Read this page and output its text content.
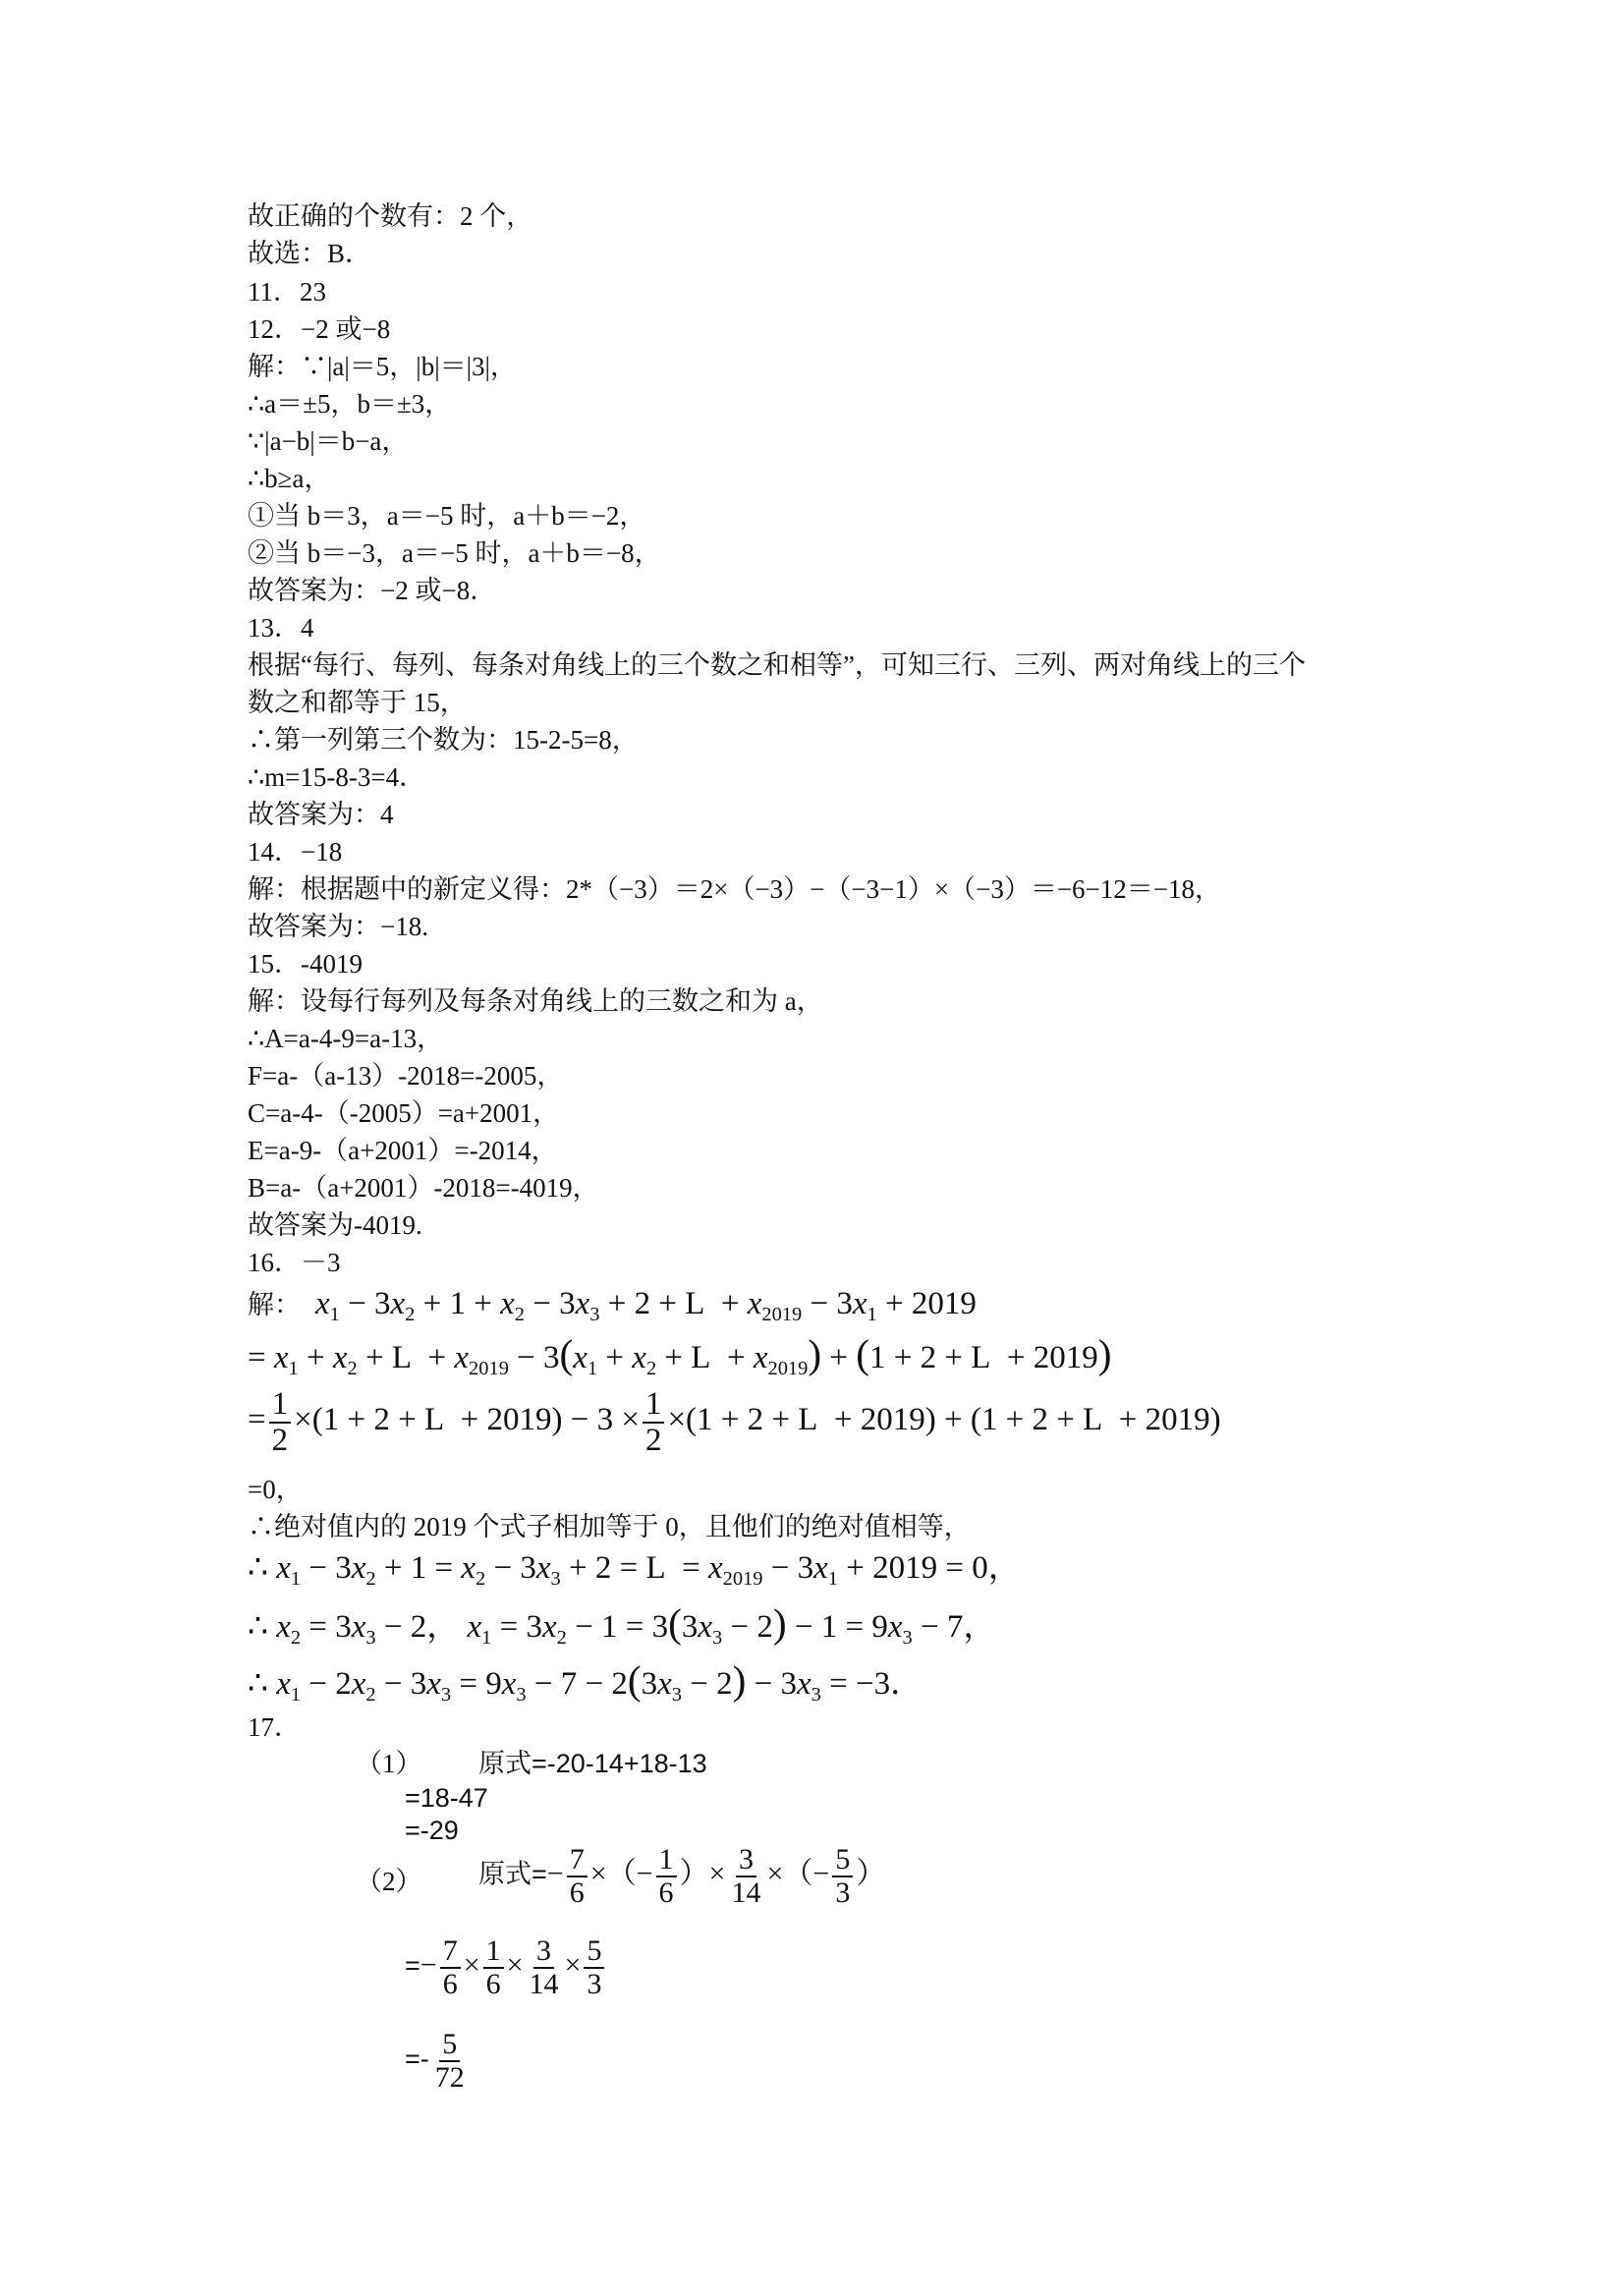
故正确的个数有：2 个，
故选：B．
11．23
12．−2 或−8
解：∵|a|＝5，|b|＝|3|，
∴a＝±5，b＝±3，
∵|a−b|＝b−a，
∴b≥a，
①当 b＝3，a＝−5 时，a＋b＝−2，
②当 b＝−3，a＝−5 时，a＋b＝−8，
故答案为：−2 或−8．
13．4
根据“每行、每列、每条对角线上的三个数之和相等”，可知三行、三列、两对角线上的三个
数之和都等于 15，
∴第一列第三个数为：15-2-5=8，
∴m=15-8-3=4．
故答案为：4
14．−18
解：根据题中的新定义得：2*（−3）＝2×（−3）−（−3−1）×（−3）＝−6−12＝−18，
故答案为：−18.
15．-4019
解：设每行每列及每条对角线上的三数之和为 a，
∴A=a-4-9=a-13，
F=a-（a-13）-2018=-2005，
C=a-4-（-2005）=a+2001，
E=a-9-（a+2001）=-2014，
B=a-（a+2001）-2018=-4019，
故答案为-4019.
16．－3
解： $x_1 - 3x_2 + 1 + x_2 - 3x_3 + 2 + L + x_{2019} - 3x_1 + 2019$
= $x_1 + x_2 + L + x_{2019} - 3(x_1 + x_2 + L + x_{2019}) + (1 + 2 + L + 2019)$
= $\frac{1}{2} \times(1 + 2 + L + 2019) - 3 \times \frac{1}{2} \times(1 + 2 + L + 2019) + (1 + 2 + L + 2019)$
=0，
∴绝对值内的 2019 个式子相加等于 0，且他们的绝对值相等，
∴ $x_1 - 3x_2 + 1 = x_2 - 3x_3 + 2 = L = x_{2019} - 3x_1 + 2019 = 0$，
∴ $x_2 = 3x_3 - 2$， $x_1 = 3x_2 - 1 = 3(3x_3 - 2) - 1 = 9x_3 - 7$，
∴ $x_1 - 2x_2 - 3x_3 = 9x_3 - 7 - 2(3x_3 - 2) - 3x_3 = -3$．
17．
（1） 原式=-20-14+18-13
=18-47
=-29
（2） 原式=− $\frac{7}{6}$ ×（− $\frac{1}{6}$ ）× $\frac{3}{14}$ ×（− $\frac{5}{3}$ ）
=− $\frac{7}{6} \times \frac{1}{6} \times \frac{3}{14} \times \frac{5}{3}$
=- $\frac{5}{72}$
